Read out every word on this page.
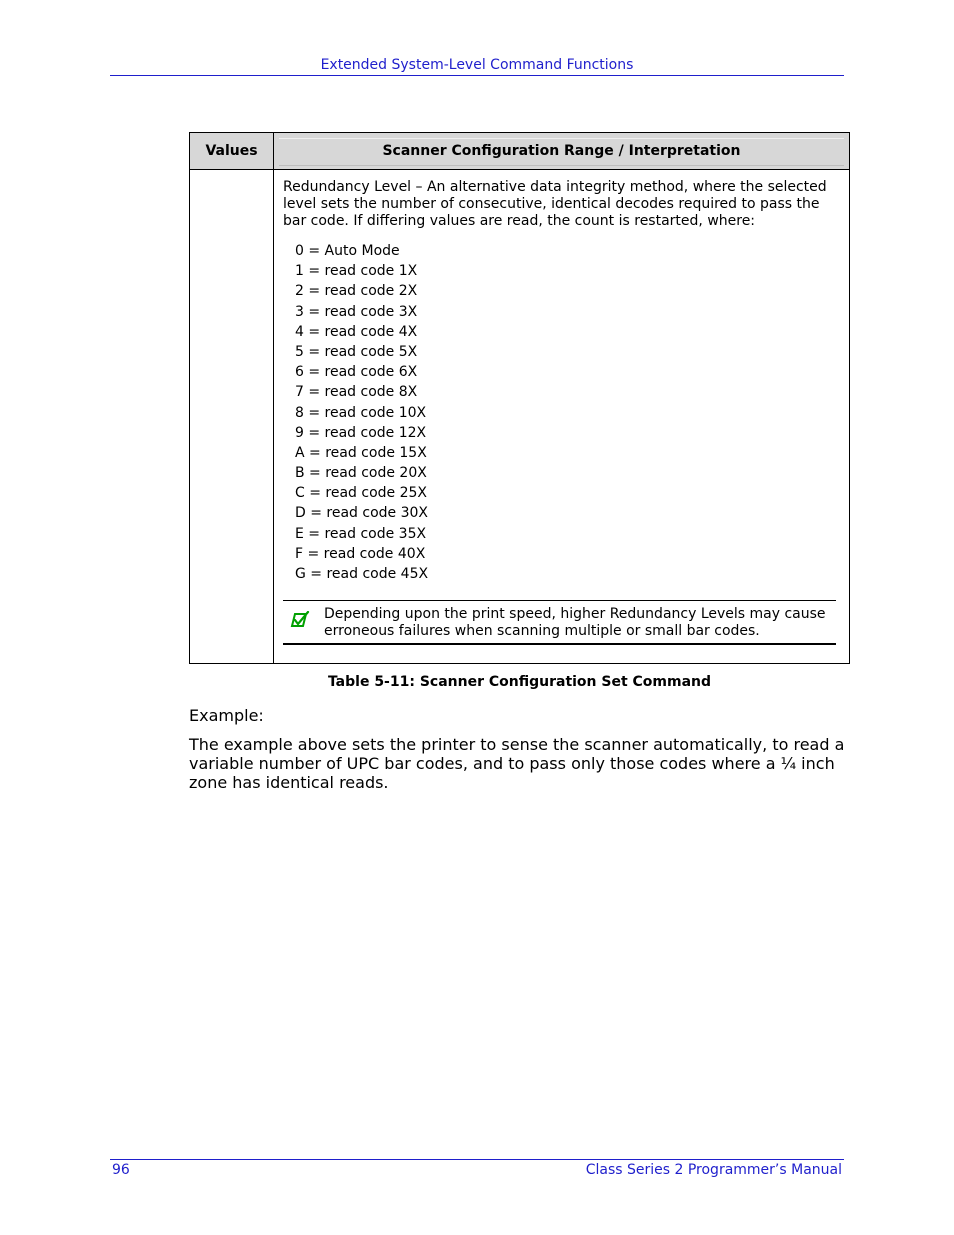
Extended System-Level Command Functions
Values	Scanner Configuration Range / Interpretation
Redundancy Level – An alternative data integrity method, where the selected level sets the number of consecutive, identical decodes required to pass the bar code. If differing values are read, the count is restarted, where:
0 = Auto Mode
1 = read code 1X
2 = read code 2X
3 = read code 3X
4 = read code 4X
5 = read code 5X
6 = read code 6X
7 = read code 8X
8 = read code 10X
9 = read code 12X
A = read code 15X
B = read code 20X
C = read code 25X
D = read code 30X
E = read code 35X
F = read code 40X
G = read code 45X
Depending upon the print speed, higher Redundancy Levels may cause erroneous failures when scanning multiple or small bar codes.
Table 5-11: Scanner Configuration Set Command
Example:
The example above sets the printer to sense the scanner automatically, to read a variable number of UPC bar codes, and to pass only those codes where a ¼ inch zone has identical reads.
96	Class Series 2 Programmer’s Manual
